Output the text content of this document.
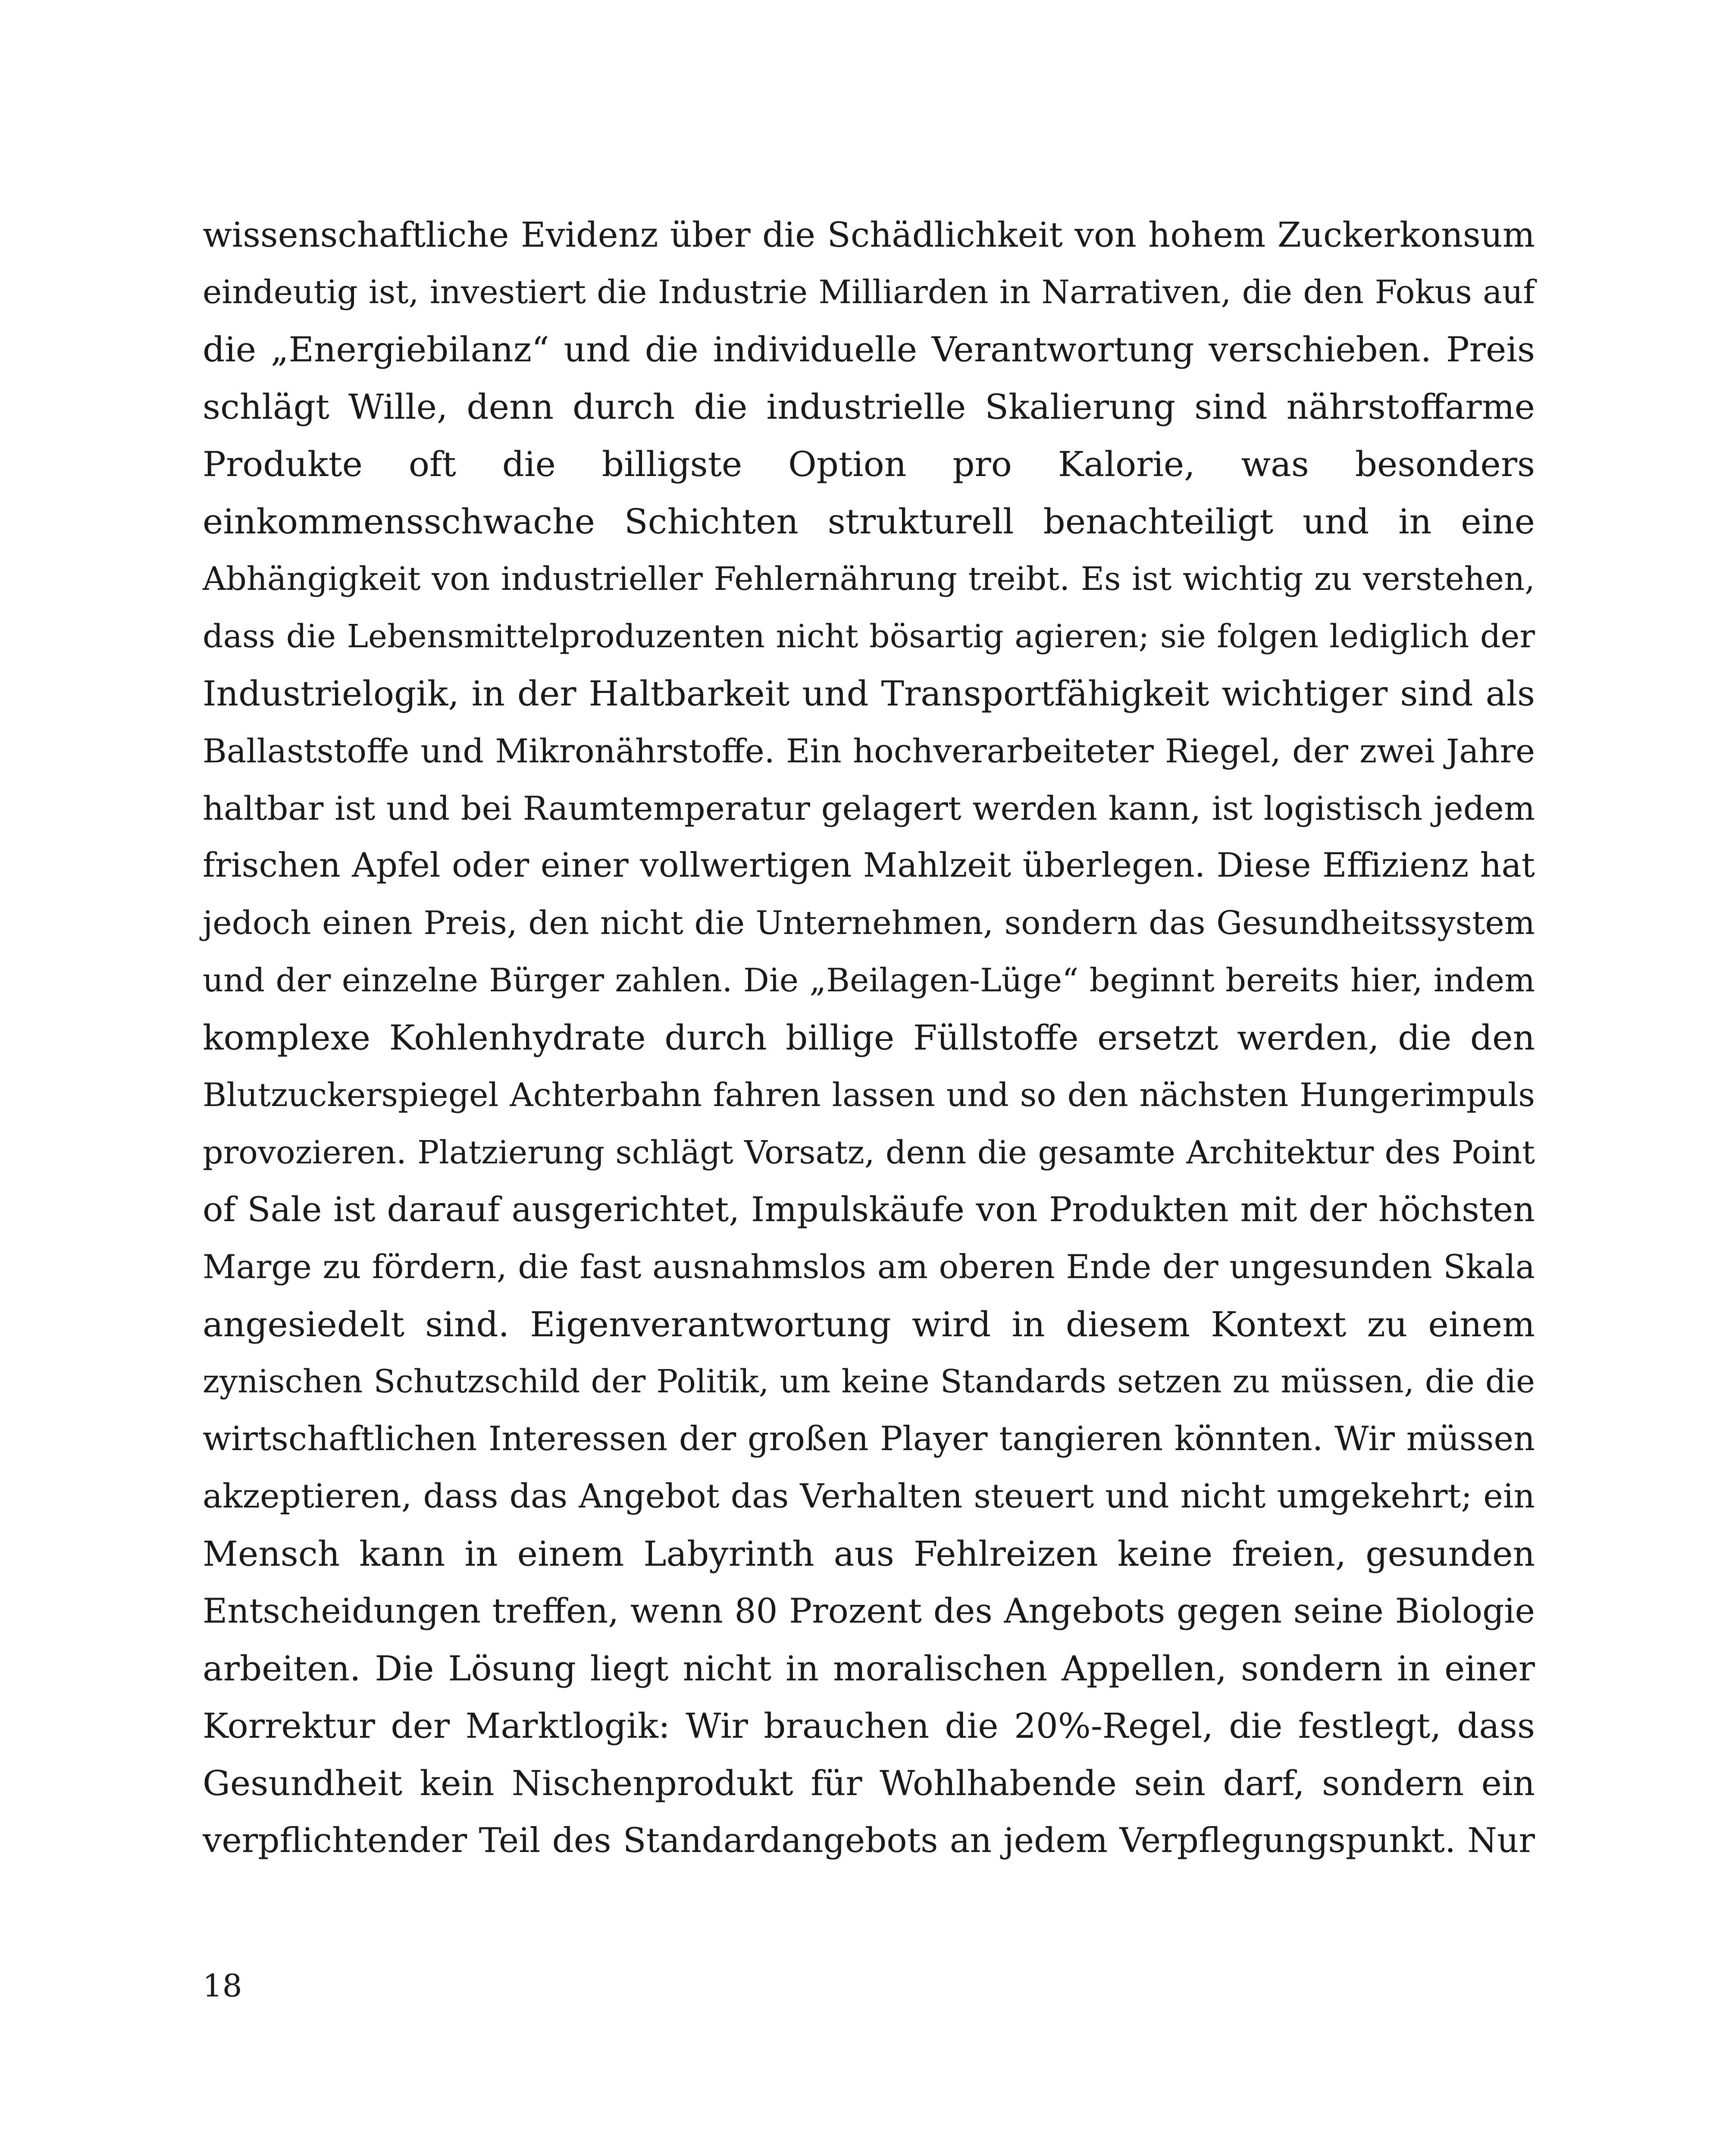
wissenschaftliche Evidenz über die Schädlichkeit von hohem Zuckerkonsum
eindeutig ist, investiert die Industrie Milliarden in Narrativen, die den Fokus auf
die „Energiebilanz“ und die individuelle Verantwortung verschieben. Preis
schlägt Wille, denn durch die industrielle Skalierung sind nährstoffarme
Produkte oft die billigste Option pro Kalorie, was besonders
einkommensschwache Schichten strukturell benachteiligt und in eine
Abhängigkeit von industrieller Fehlernährung treibt. Es ist wichtig zu verstehen,
dass die Lebensmittelproduzenten nicht bösartig agieren; sie folgen lediglich der
Industrielogik, in der Haltbarkeit und Transportfähigkeit wichtiger sind als
Ballaststoffe und Mikronährstoffe. Ein hochverarbeiteter Riegel, der zwei Jahre
haltbar ist und bei Raumtemperatur gelagert werden kann, ist logistisch jedem
frischen Apfel oder einer vollwertigen Mahlzeit überlegen. Diese Effizienz hat
jedoch einen Preis, den nicht die Unternehmen, sondern das Gesundheitssystem
und der einzelne Bürger zahlen. Die „Beilagen-Lüge“ beginnt bereits hier, indem
komplexe Kohlenhydrate durch billige Füllstoffe ersetzt werden, die den
Blutzuckerspiegel Achterbahn fahren lassen und so den nächsten Hungerimpuls
provozieren. Platzierung schlägt Vorsatz, denn die gesamte Architektur des Point
of Sale ist darauf ausgerichtet, Impulskäufe von Produkten mit der höchsten
Marge zu fördern, die fast ausnahmslos am oberen Ende der ungesunden Skala
angesiedelt sind. Eigenverantwortung wird in diesem Kontext zu einem
zynischen Schutzschild der Politik, um keine Standards setzen zu müssen, die die
wirtschaftlichen Interessen der großen Player tangieren könnten. Wir müssen
akzeptieren, dass das Angebot das Verhalten steuert und nicht umgekehrt; ein
Mensch kann in einem Labyrinth aus Fehlreizen keine freien, gesunden
Entscheidungen treffen, wenn 80 Prozent des Angebots gegen seine Biologie
arbeiten. Die Lösung liegt nicht in moralischen Appellen, sondern in einer
Korrektur der Marktlogik: Wir brauchen die 20%-Regel, die festlegt, dass
Gesundheit kein Nischenprodukt für Wohlhabende sein darf, sondern ein
verpflichtender Teil des Standardangebots an jedem Verpflegungspunkt. Nur
18
